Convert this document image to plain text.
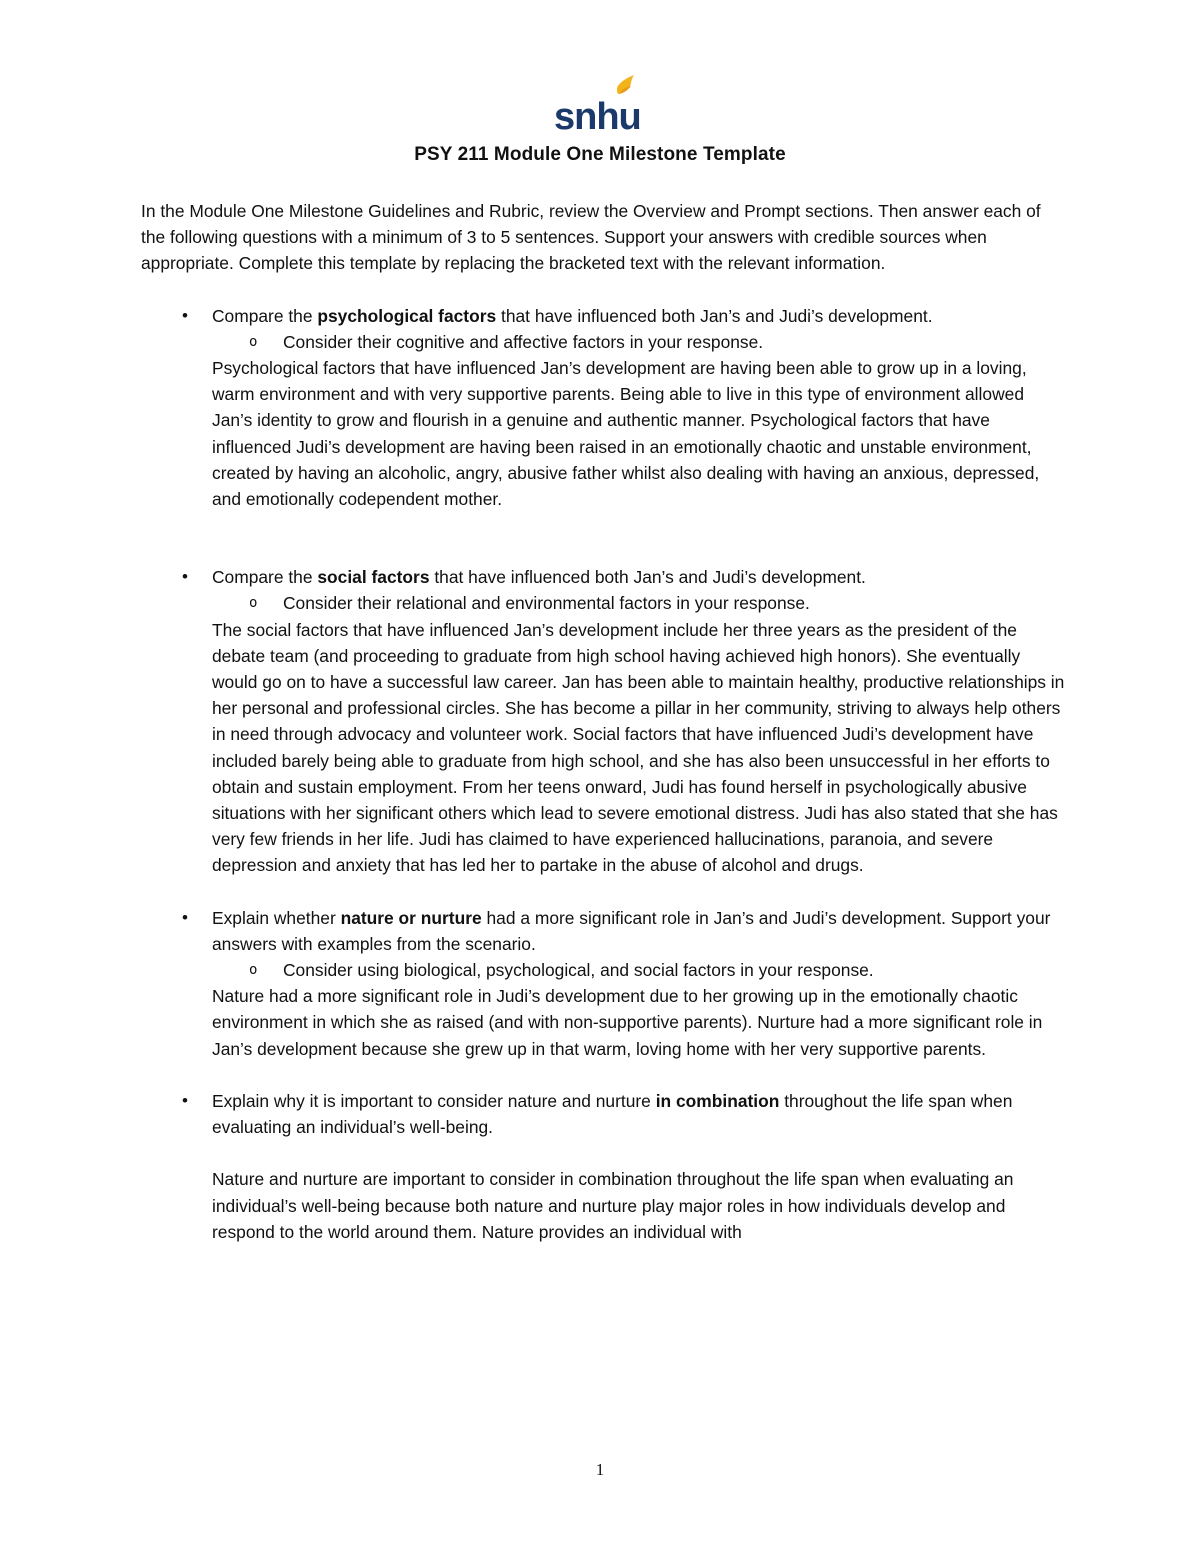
snhu
PSY 211 Module One Milestone Template

In the Module One Milestone Guidelines and Rubric, review the Overview and Prompt sections. Then answer each of the following questions with a minimum of 3 to 5 sentences. Support your answers with credible sources when appropriate. Complete this template by replacing the bracketed text with the relevant information.

•	Compare the psychological factors that have influenced both Jan’s and Judi’s development.
o Consider their cognitive and affective factors in your response.

Psychological factors that have influenced Jan’s development are having been able to grow up in a loving, warm environment and with very supportive parents. Being able to live in this type of environment allowed Jan’s identity to grow and flourish in a genuine and authentic manner. Psychological factors that have influenced Judi’s development are having been raised in an emotionally chaotic and unstable environment, created by having an alcoholic, angry, abusive father whilst also dealing with having an anxious, depressed, and emotionally codependent mother.

•	Compare the social factors that have influenced both Jan’s and Judi’s development.
o Consider their relational and environmental factors in your response.

The social factors that have influenced Jan’s development include her three years as the president of the debate team (and proceeding to graduate from high school having achieved high honors). She eventually would go on to have a successful law career. Jan has been able to maintain healthy, productive relationships in her personal and professional circles. She has become a pillar in her community, striving to always help others in need through advocacy and volunteer work. Social factors that have influenced Judi’s development have included barely being able to graduate from high school, and she has also been unsuccessful in her efforts to obtain and sustain employment. From her teens onward, Judi has found herself in psychologically abusive situations with her significant others which lead to severe emotional distress. Judi has also stated that she has very few friends in her life. Judi has claimed to have experienced hallucinations, paranoia, and severe depression and anxiety that has led her to partake in the abuse of alcohol and drugs.

•	Explain whether nature or nurture had a more significant role in Jan’s and Judi’s development. Support your answers with examples from the scenario.
o Consider using biological, psychological, and social factors in your response.

Nature had a more significant role in Judi’s development due to her growing up in the emotionally chaotic environment in which she as raised (and with non-supportive parents). Nurture had a more significant role in Jan’s development because she grew up in that warm, loving home with her very supportive parents.

•	Explain why it is important to consider nature and nurture in combination throughout the life span when evaluating an individual’s well-being.

Nature and nurture are important to consider in combination throughout the life span when evaluating an individual’s well-being because both nature and nurture play major roles in how individuals develop and respond to the world around them. Nature provides an individual with

1
